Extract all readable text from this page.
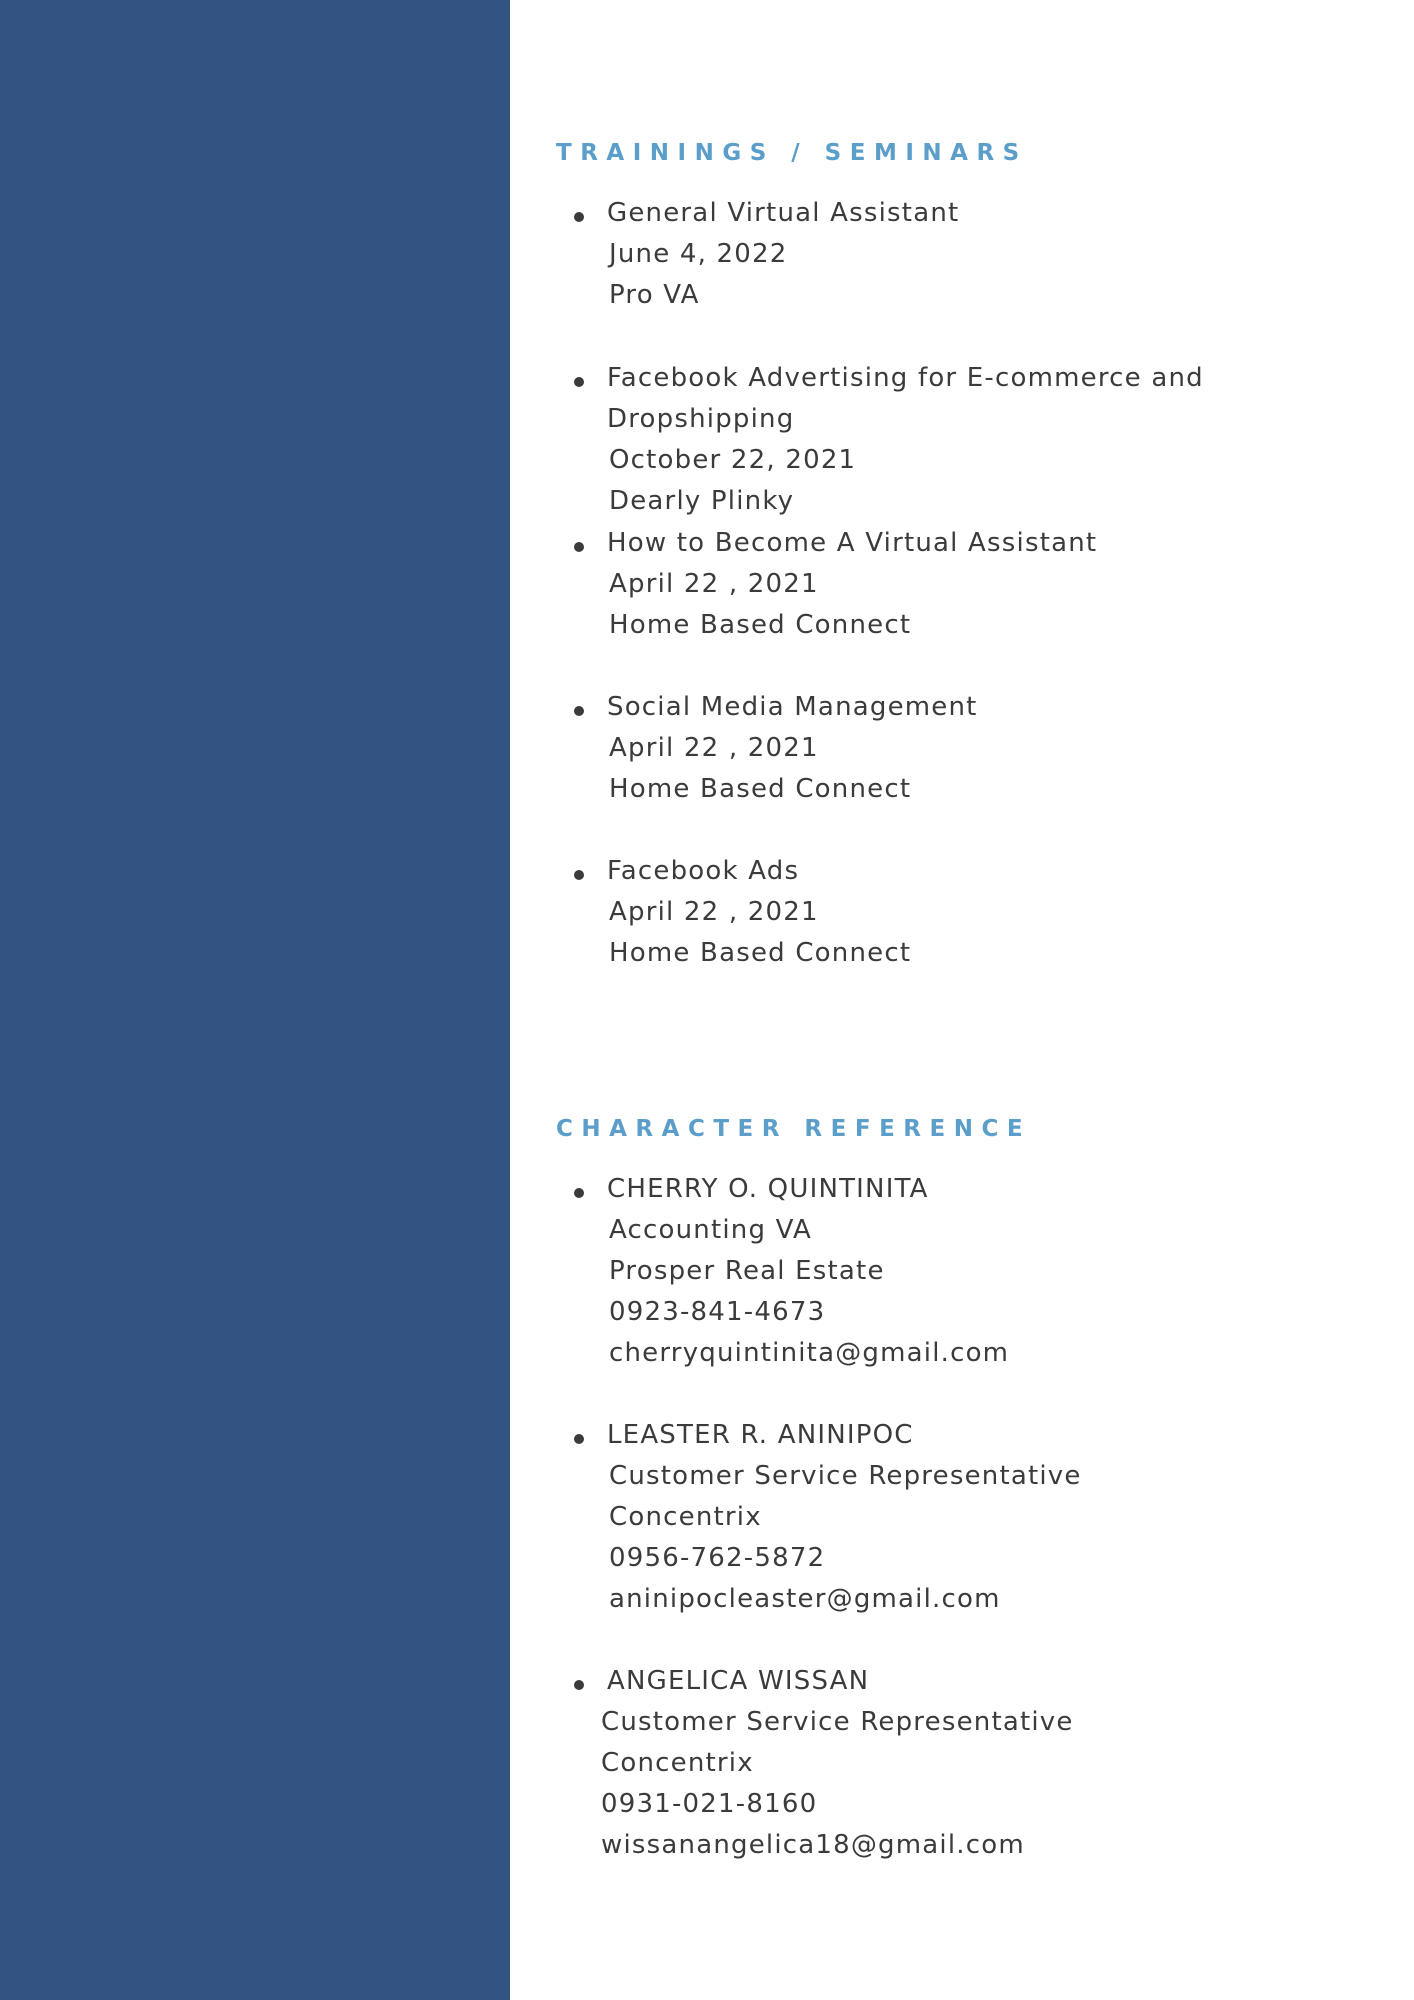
TRAININGS / SEMINARS
General Virtual Assistant
June 4, 2022
Pro VA
Facebook Advertising for E-commerce and
Dropshipping
October 22, 2021
Dearly Plinky
How to Become A Virtual Assistant
April 22 , 2021
Home Based Connect
Social Media Management
April 22 , 2021
Home Based Connect
Facebook Ads
April 22 , 2021
Home Based Connect
CHARACTER REFERENCE
CHERRY O. QUINTINITA
Accounting VA
Prosper Real Estate
0923-841-4673
cherryquintinita@gmail.com
LEASTER R. ANINIPOC
Customer Service Representative
Concentrix
0956-762-5872
aninipocleaster@gmail.com
ANGELICA WISSAN
Customer Service Representative
Concentrix
0931-021-8160
wissanangelica18@gmail.com
